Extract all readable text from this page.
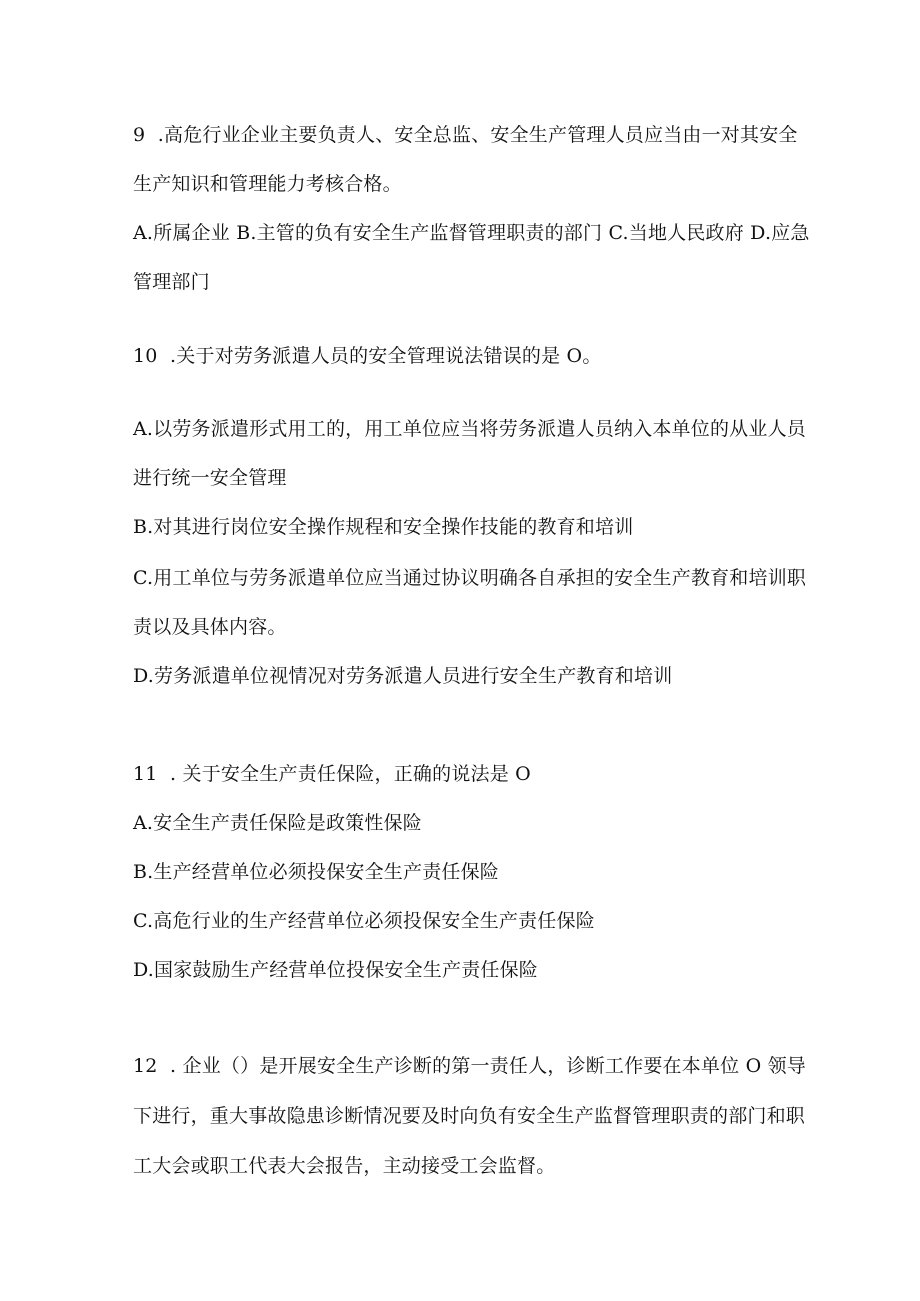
9  .高危行业企业主要负责人、安全总监、安全生产管理人员应当由一对其安全
生产知识和管理能力考核合格。
A.所属企业 B.主管的负有安全生产监督管理职责的部门 C.当地人民政府 D.应急
管理部门
10  .关于对劳务派遣人员的安全管理说法错误的是 O。
A.以劳务派遣形式用工的，用工单位应当将劳务派遣人员纳入本单位的从业人员
进行统一安全管理
B.对其进行岗位安全操作规程和安全操作技能的教育和培训
C.用工单位与劳务派遣单位应当通过协议明确各自承担的安全生产教育和培训职
责以及具体内容。
D.劳务派遣单位视情况对劳务派遣人员进行安全生产教育和培训
11  . 关于安全生产责任保险，正确的说法是 O
A.安全生产责任保险是政策性保险
B.生产经营单位必须投保安全生产责任保险
C.高危行业的生产经营单位必须投保安全生产责任保险
D.国家鼓励生产经营单位投保安全生产责任保险
12  . 企业（）是开展安全生产诊断的第一责任人，诊断工作要在本单位 O 领导
下进行，重大事故隐患诊断情况要及时向负有安全生产监督管理职责的部门和职
工大会或职工代表大会报告，主动接受工会监督。
